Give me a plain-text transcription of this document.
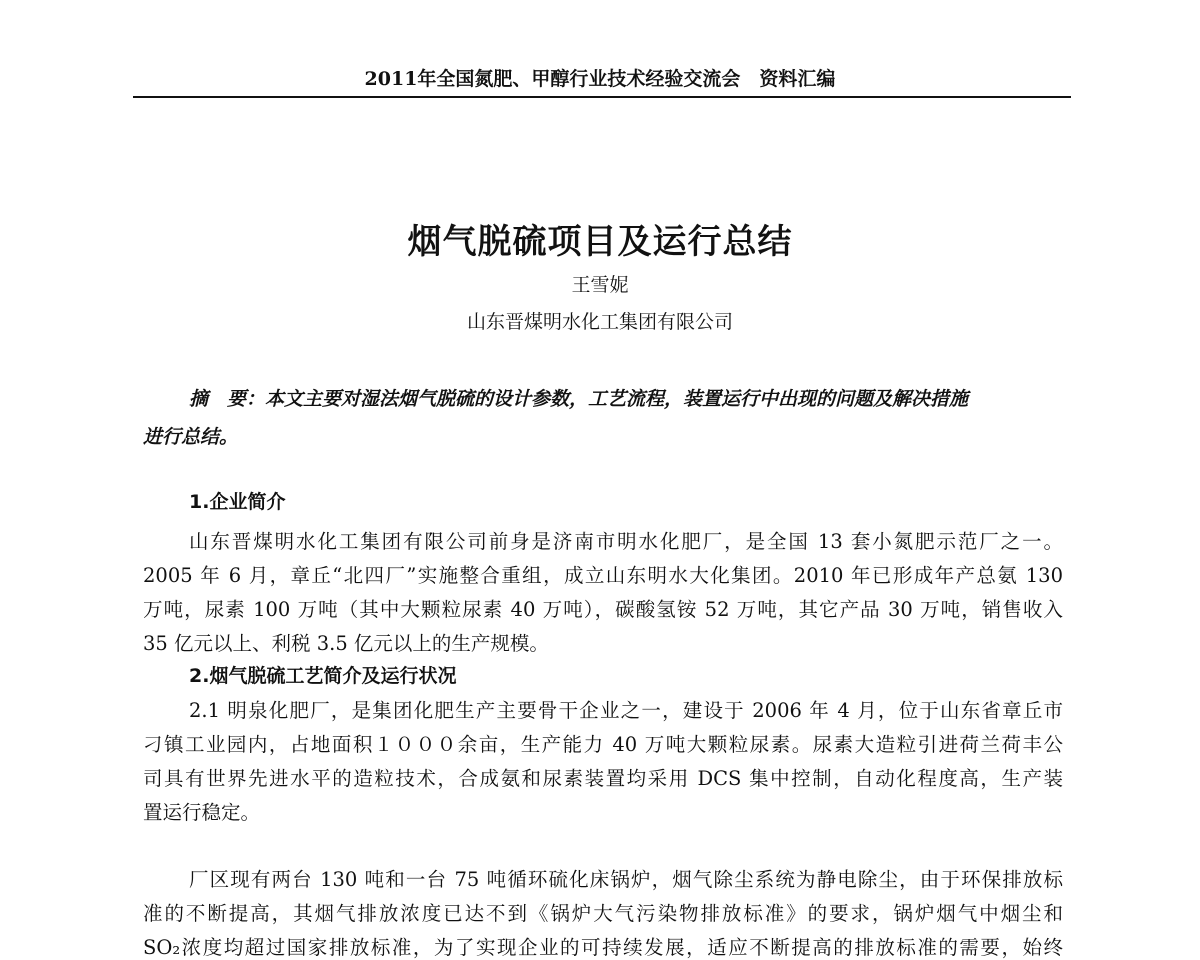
2011年全国氮肥、甲醇行业技术经验交流会　资料汇编
烟气脱硫项目及运行总结
王雪妮
山东晋煤明水化工集团有限公司
摘　要：本文主要对湿法烟气脱硫的设计参数，工艺流程，装置运行中出现的问题及解决措施
进行总结。
1.企业简介
山东晋煤明水化工集团有限公司前身是济南市明水化肥厂，是全国 13 套小氮肥示范厂之一。
2005 年 6 月，章丘“北四厂”实施整合重组，成立山东明水大化集团。2010 年已形成年产总氨 130
万吨，尿素 100 万吨（其中大颗粒尿素 40 万吨），碳酸氢铵 52 万吨，其它产品 30 万吨，销售收入
35 亿元以上、利税 3.5 亿元以上的生产规模。
2.烟气脱硫工艺简介及运行状况
2.1 明泉化肥厂，是集团化肥生产主要骨干企业之一，建设于 2006 年 4 月，位于山东省章丘市
刁镇工业园内，占地面积１０００余亩，生产能力 40 万吨大颗粒尿素。尿素大造粒引进荷兰荷丰公
司具有世界先进水平的造粒技术，合成氨和尿素装置均采用 DCS 集中控制，自动化程度高，生产装
置运行稳定。
厂区现有两台 130 吨和一台 75 吨循环硫化床锅炉，烟气除尘系统为静电除尘，由于环保排放标
准的不断提高，其烟气排放浓度已达不到《锅炉大气污染物排放标准》的要求，锅炉烟气中烟尘和
SO₂浓度均超过国家排放标准，为了实现企业的可持续发展，适应不断提高的排放标准的需要，始终
